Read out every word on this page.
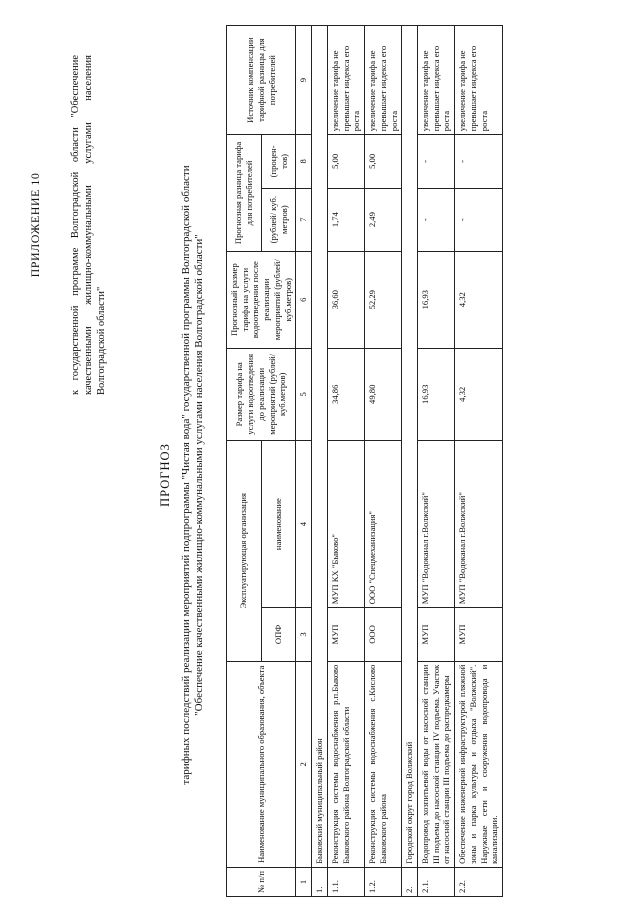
ПРИЛОЖЕНИЕ 10	к государственной программе Волгоградской области "Обеспечение качественными жилищно-коммунальными услугами населения Волгоградской области"
ПРОГНОЗ тарифных последствий реализации мероприятий подпрограммы "Чистая вода" государственной программы Волгоградской области "Обеспечение качественными жилищно-коммунальными услугами населения Волгоградской области"
№ п/п	Наименование муниципального образования, объекта	Эксплуатирующая организация		Размер тарифа на услуги водоотведения до реализации мероприятий (рублей/ куб.метров)	Прогнозный размер тарифа на услуги водоотведения после реализации мероприятий (рублей/ куб.метров)	Прогнозная разница тарифа для потребителей		Источник компенсации тарифной разницы для потребителей
		ОПФ	наименование			(рублей/ куб. метров)	(процен-тов)	
1	2	3	4	5	6	7	8	9
1.	Быковский муниципальный район							
1.1.	Реконструкция системы водоснабжения р.п.Быково Быковского района Волгоградской области	МУП	МУП КХ "Быково"	34,86	36,60	1,74	5,00	увеличение тарифа не превышает индекса его роста
1.2.	Реконструкция системы водоснабжения с.Кислово Быковского района	ООО	ООО "Спецмеханизация"	49,80	52,29	2,49	5,00	увеличение тарифа не превышает индекса его роста
2.	Городской округ город Волжский							
2.1.	Водопровод хозпитьевой воды от насосной станции III подъема до насосной станции IV подъема. Участок от насосной станции III подъема до распредкамеры	МУП	МУП "Водоканал г.Волжский"	16,93	16,93	-	-	увеличение тарифа не превышает индекса его роста
2.2.	Обеспечение инженерной инфраструктурой пляжной зоны и парка культуры и отдыха "Волжский". Наружные сети и сооружения водопровода и канализации.	МУП	МУП "Водоканал г.Волжский"	4,32	4,32	-	-	увеличение тарифа не превышает индекса его роста
